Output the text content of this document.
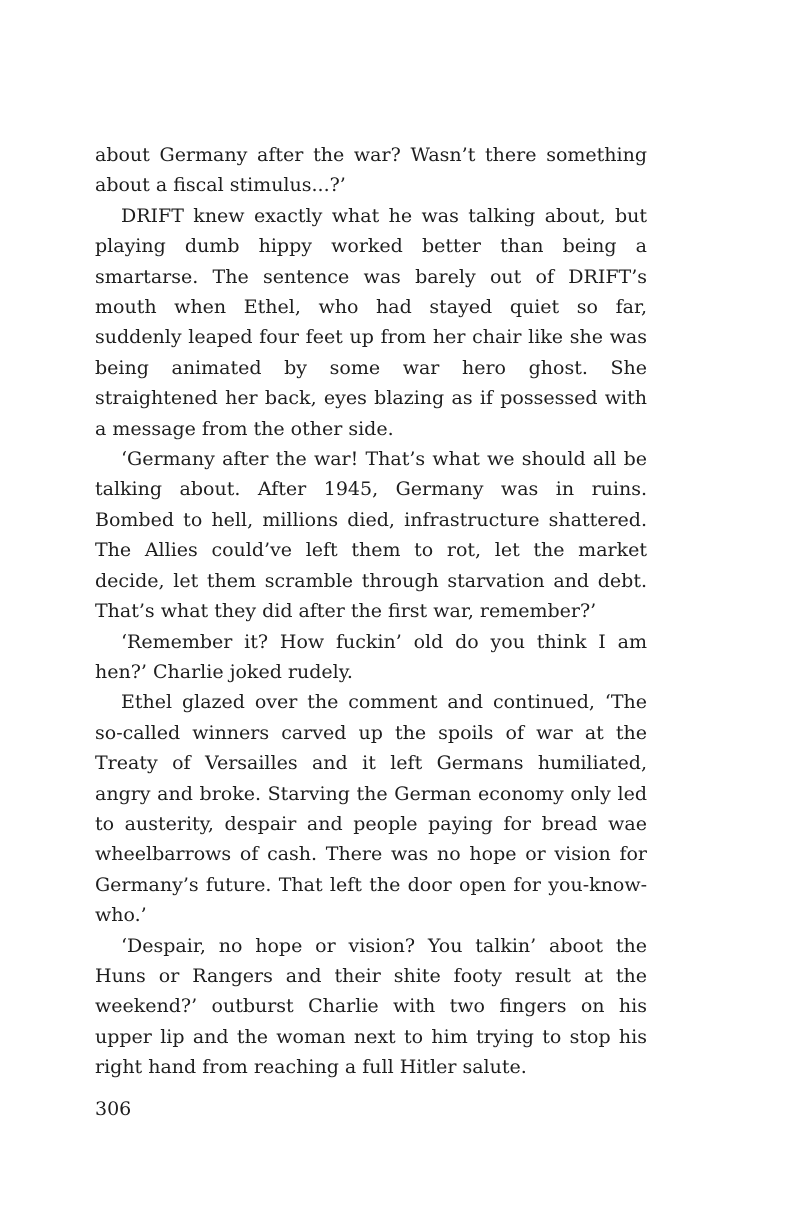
about Germany after the war? Wasn’t there something about a fiscal stimulus...?’

DRIFT knew exactly what he was talking about, but playing dumb hippy worked better than being a smartarse. The sentence was barely out of DRIFT’s mouth when Ethel, who had stayed quiet so far, suddenly leaped four feet up from her chair like she was being animated by some war hero ghost. She straightened her back, eyes blazing as if possessed with a message from the other side.

‘Germany after the war! That’s what we should all be talking about. After 1945, Germany was in ruins. Bombed to hell, millions died, infrastructure shattered. The Allies could’ve left them to rot, let the market decide, let them scramble through starvation and debt. That’s what they did after the first war, remember?’

‘Remember it? How fuckin’ old do you think I am hen?’ Charlie joked rudely.

Ethel glazed over the comment and continued, ‘The so-called winners carved up the spoils of war at the Treaty of Versailles and it left Germans humiliated, angry and broke. Starving the German economy only led to austerity, despair and people paying for bread wae wheelbarrows of cash. There was no hope or vision for Germany’s future. That left the door open for you-know-who.’

‘Despair, no hope or vision? You talkin’ aboot the Huns or Rangers and their shite footy result at the weekend?’ outburst Charlie with two fingers on his upper lip and the woman next to him trying to stop his right hand from reaching a full Hitler salute.

306
